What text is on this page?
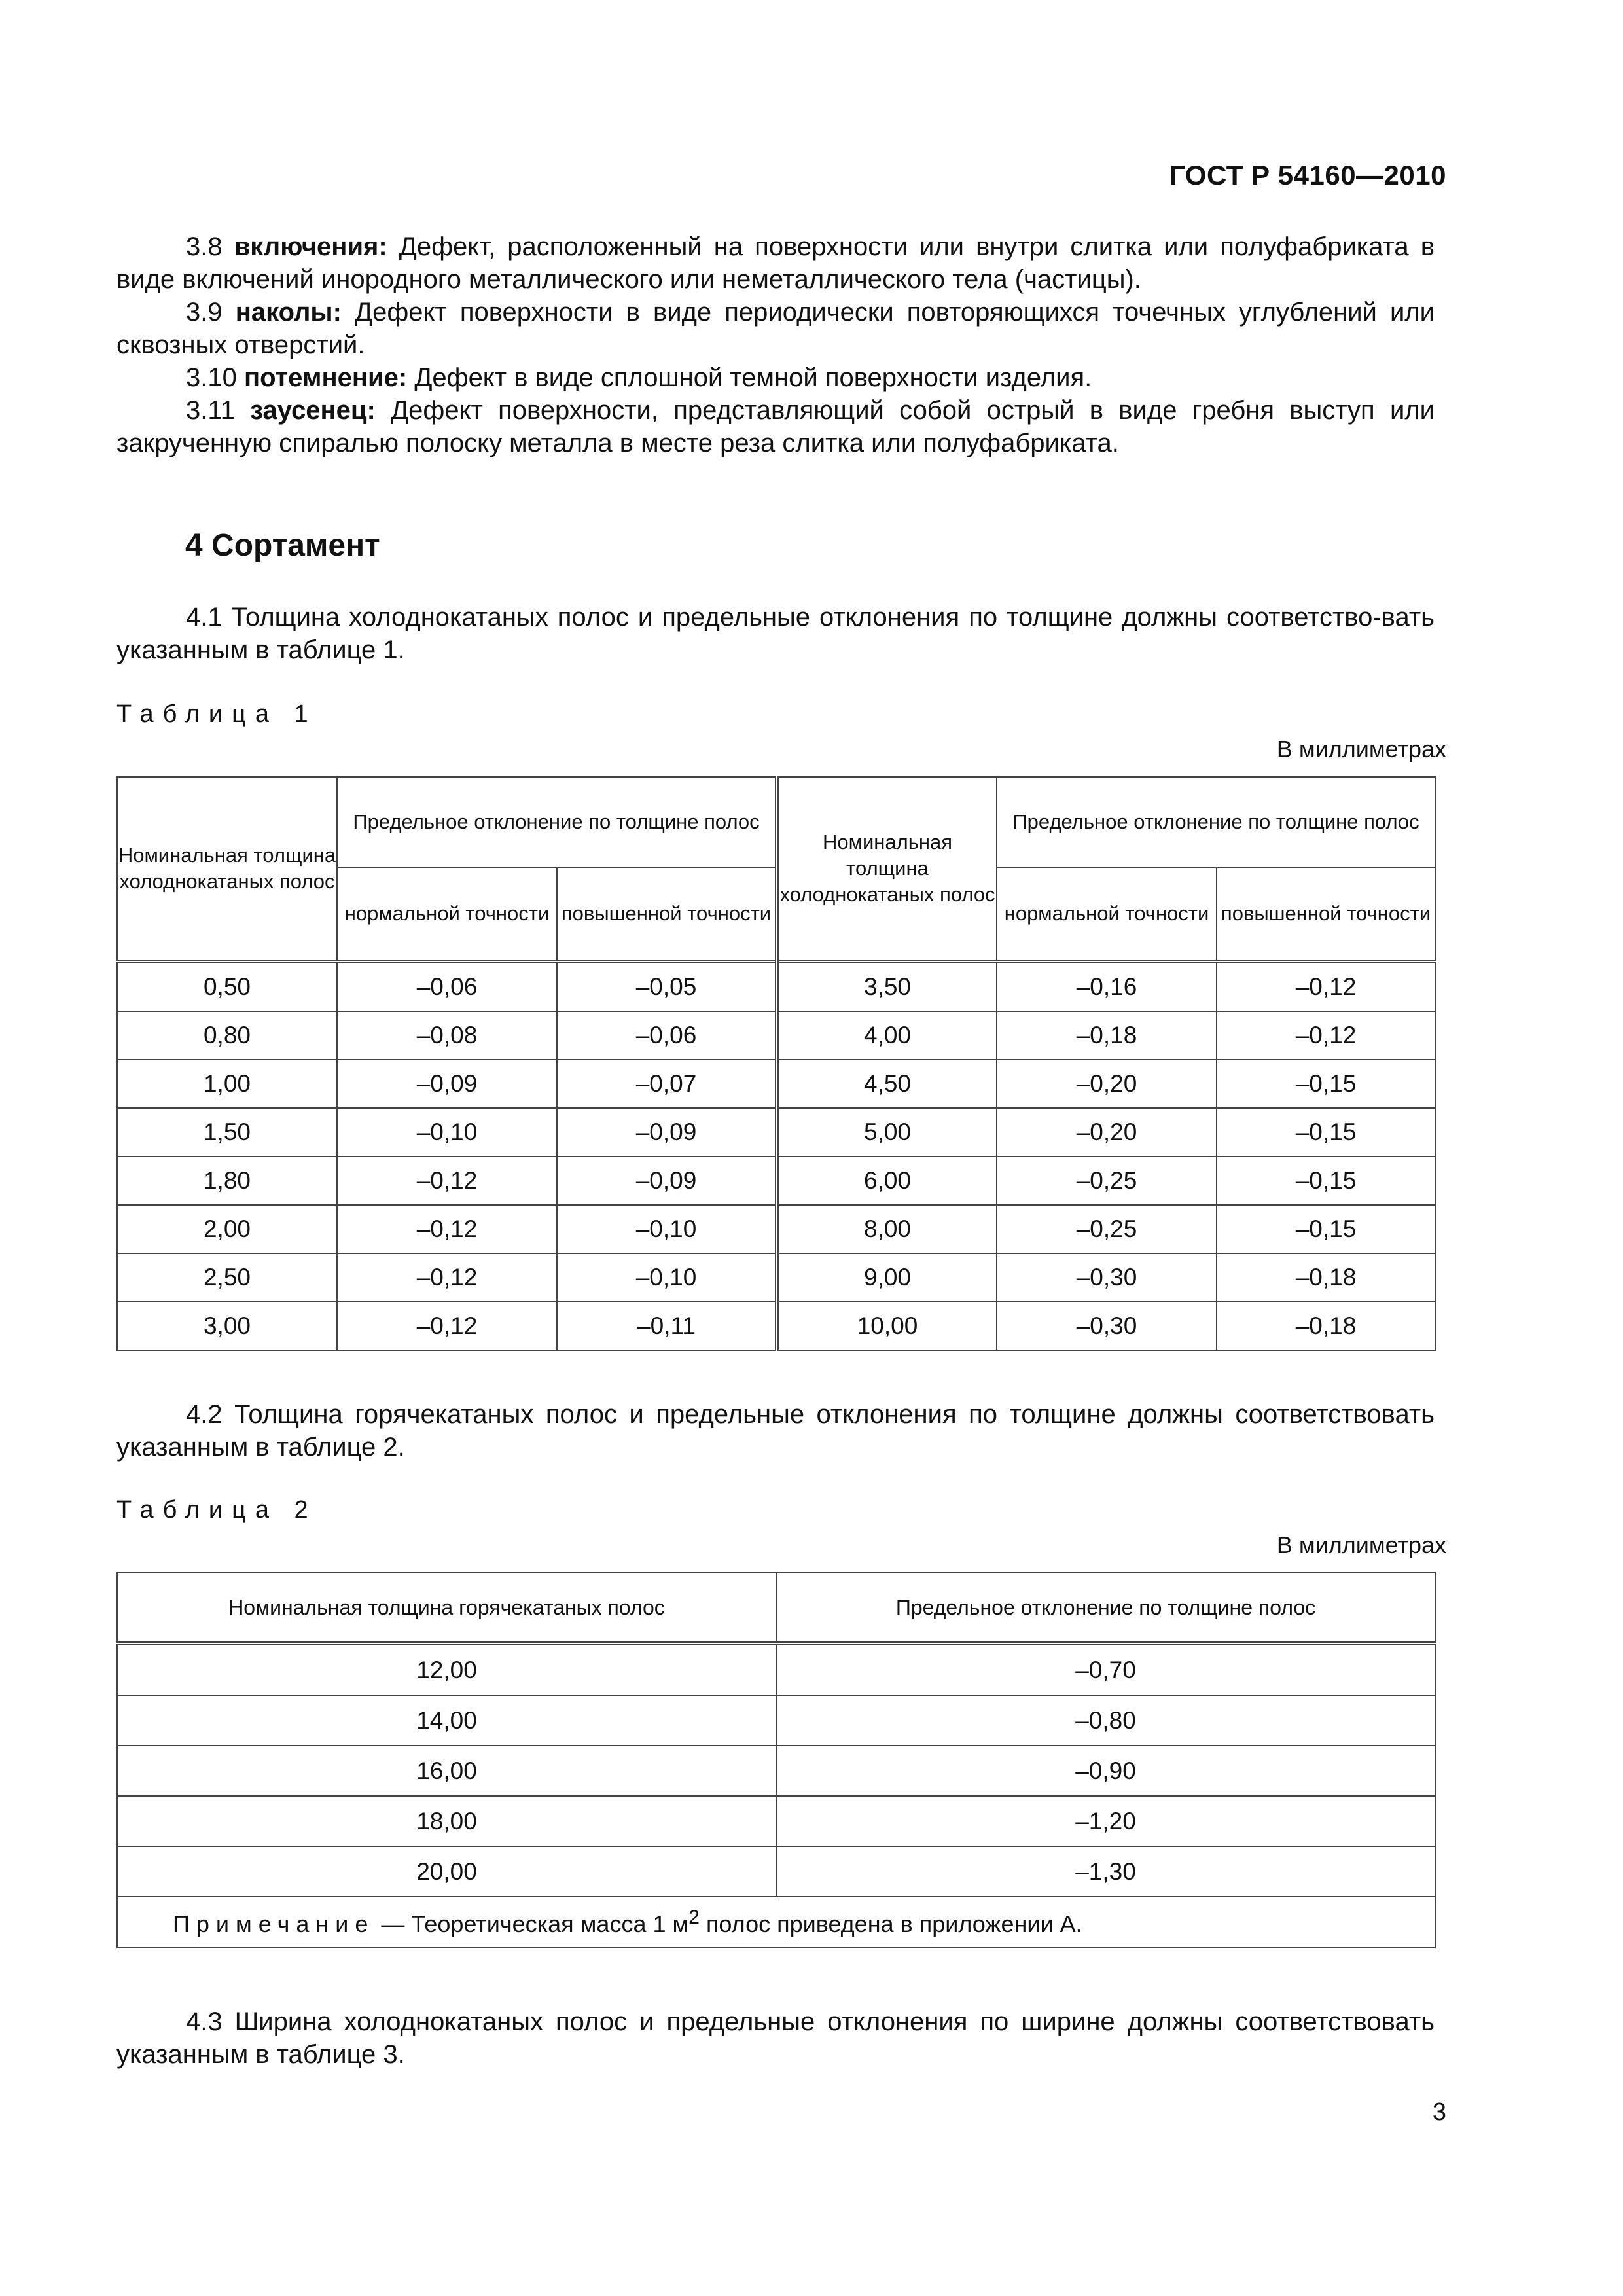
ГОСТ Р 54160—2010
3.8 включения: Дефект, расположенный на поверхности или внутри слитка или полуфабриката в виде включений инородного металлического или неметаллического тела (частицы).
3.9 наколы: Дефект поверхности в виде периодически повторяющихся точечных углублений или сквозных отверстий.
3.10 потемнение: Дефект в виде сплошной темной поверхности изделия.
3.11 заусенец: Дефект поверхности, представляющий собой острый в виде гребня выступ или закрученную спиралью полоску металла в месте реза слитка или полуфабриката.
4 Сортамент
4.1 Толщина холоднокатаных полос и предельные отклонения по толщине должны соответство-вать указанным в таблице 1.
Таблица 1
В миллиметрах
Номинальная толщина холоднокатаных полос	Предельное отклонение по толщине полос		Номинальная толщина холоднокатаных полос	Предельное отклонение по толщине полос	
	нормальной точности	повышенной точности		нормальной точности	повышенной точности
0,50	–0,06	–0,05	3,50	–0,16	–0,12
0,80	–0,08	–0,06	4,00	–0,18	–0,12
1,00	–0,09	–0,07	4,50	–0,20	–0,15
1,50	–0,10	–0,09	5,00	–0,20	–0,15
1,80	–0,12	–0,09	6,00	–0,25	–0,15
2,00	–0,12	–0,10	8,00	–0,25	–0,15
2,50	–0,12	–0,10	9,00	–0,30	–0,18
3,00	–0,12	–0,11	10,00	–0,30	–0,18
4.2 Толщина горячекатаных полос и предельные отклонения по толщине должны соответствовать указанным в таблице 2.
Таблица 2
В миллиметрах
Номинальная толщина горячекатаных полос	Предельное отклонение по толщине полос
12,00	–0,70
14,00	–0,80
16,00	–0,90
18,00	–1,20
20,00	–1,30
Примечание — Теоретическая масса 1 $м^2$ полос приведена в приложении А.	
4.3 Ширина холоднокатаных полос и предельные отклонения по ширине должны соответствовать указанным в таблице 3.
3
